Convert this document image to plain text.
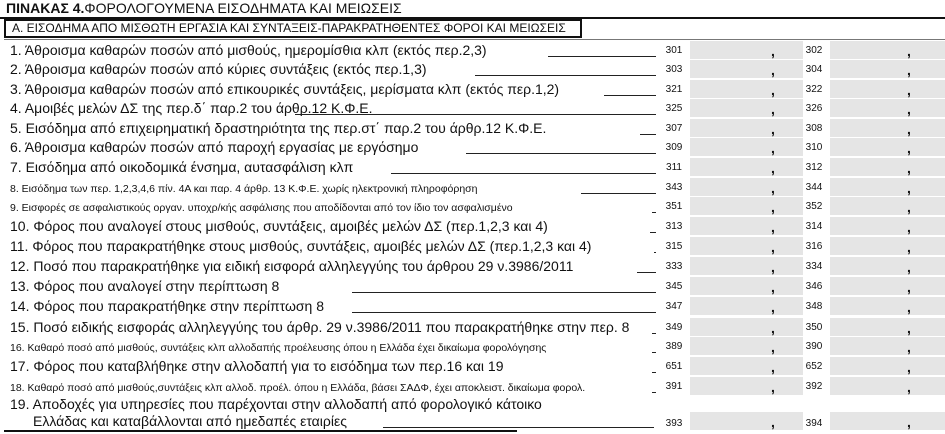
ΠΙΝΑΚΑΣ 4.ΦΟΡΟΛΟΓΟΥΜΕΝΑ ΕΙΣΟΔΗΜΑΤΑ ΚΑΙ ΜΕΙΩΣΕΙΣ
Α. ΕΙΣΟΔΗΜΑ ΑΠΟ ΜΙΣΘΩΤΗ ΕΡΓΑΣΙΑ ΚΑΙ ΣΥΝΤΑΞΕΙΣ-ΠΑΡΑΚΡΑΤΗΘΕΝΤΕΣ ΦΟΡΟΙ ΚΑΙ ΜΕΙΩΣΕΙΣ
1. Άθροισμα καθαρών ποσών από μισθούς, ημερομίσθια κλπ (εκτός περ.2,3)	301	,	302	,
2. Άθροισμα καθαρών ποσών από κύριες συντάξεις (εκτός περ.1,3)	303	,	304	,
3. Άθροισμα καθαρών ποσών από επικουρικές συντάξεις, μερίσματα κλπ (εκτός περ.1,2)	321	,	322	,
4. Αμοιβές μελών ΔΣ της περ.δ΄ παρ.2 του άρθρ.12 Κ.Φ.Ε.	325	,	326	,
5. Εισόδημα από επιχειρηματική δραστηριότητα της περ.στ΄ παρ.2 του άρθρ.12 Κ.Φ.Ε.	307	,	308	,
6. Άθροισμα καθαρών ποσών από παροχή εργασίας με εργόσημο	309	,	310	,
7. Εισόδημα από οικοδομικά ένσημα, αυτασφάλιση κλπ	311	,	312	,
8. Εισόδημα των περ. 1,2,3,4,6 πίν. 4Α και παρ. 4 άρθρ. 13 Κ.Φ.Ε. χωρίς ηλεκτρονική πληροφόρηση	343	,	344	,
9. Εισφορές σε ασφαλιστικούς οργαν. υποχρ/κής ασφάλισης που αποδίδονται από τον ίδιο τον ασφαλισμένο	351	,	352	,
10. Φόρος που αναλογεί στους μισθούς, συντάξεις, αμοιβές μελών ΔΣ (περ.1,2,3 και 4)	313	,	314	,
11. Φόρος που παρακρατήθηκε στους μισθούς, συντάξεις, αμοιβές μελών ΔΣ (περ.1,2,3 και 4)	315	,	316	,
12. Ποσό που παρακρατήθηκε για ειδική εισφορά αλληλεγγύης του άρθρου 29 ν.3986/2011	333	,	334	,
13. Φόρος που αναλογεί στην περίπτωση 8	345	,	346	,
14. Φόρος που παρακρατήθηκε στην περίπτωση 8	347	,	348	,
15. Ποσό ειδικής εισφοράς αλληλεγγύης του άρθρ. 29 ν.3986/2011 που παρακρατήθηκε στην περ. 8	349	,	350	,
16. Καθαρό ποσό από μισθούς, συντάξεις κλπ αλλοδαπής προέλευσης όπου η Ελλάδα έχει δικαίωμα φορολόγησης	389	,	390	,
17. Φόρος που καταβλήθηκε στην αλλοδαπή για το εισόδημα των περ.16 και 19	651	,	652	,
18. Καθαρό ποσό από μισθούς,συντάξεις κλπ αλλοδ. προέλ. όπου η Ελλάδα, βάσει ΣΑΔΦ, έχει αποκλειστ. δικαίωμα φορολ.	391	,	392	,
19. Αποδοχές για υπηρεσίες που παρέχονται στην αλλοδαπή από φορολογικό κάτοικο
Ελλάδας και καταβάλλονται από ημεδαπές εταιρίες	393	,	394	,
